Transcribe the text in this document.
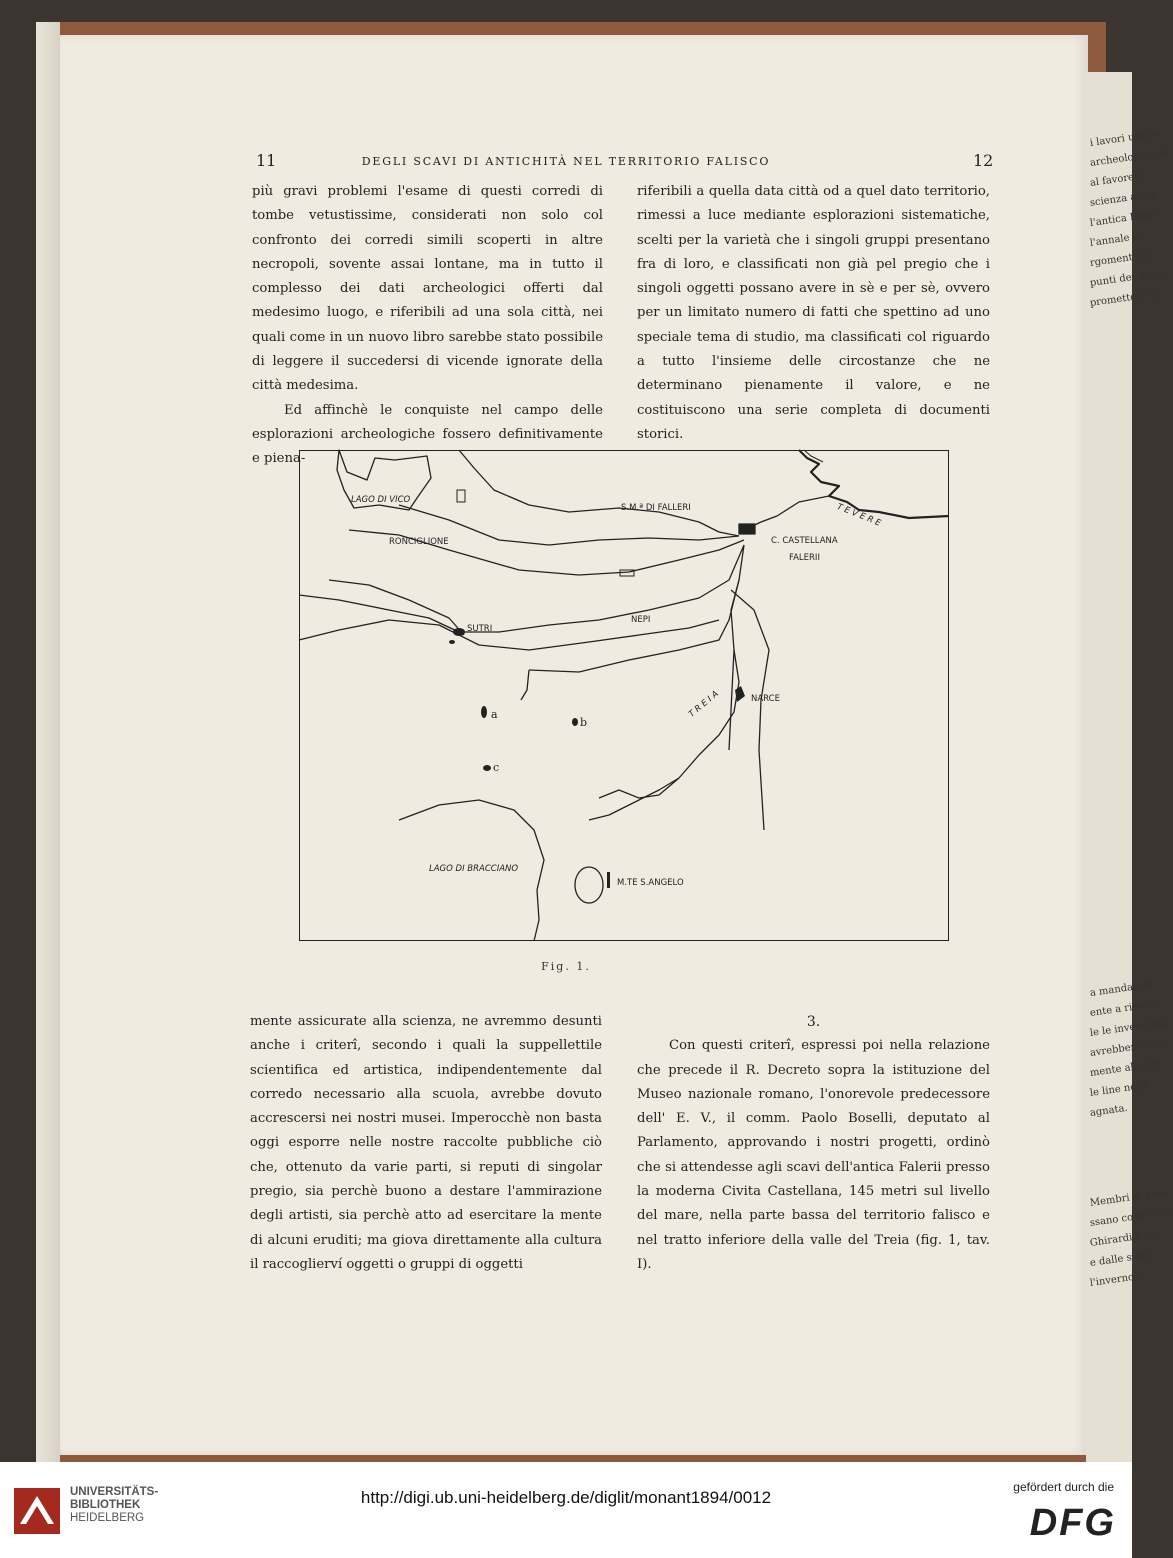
i lavori ufficia
archeologica, av
al favore di
scienza all' in
l'antica Faleri
l'annale Ci
rgomenta di
punti dei quali
prometto a dir
a mandati in
ente a ricerca
le le investigazi
avrebbero appo
mente alla top
le line nella
agnata.
Membri di esse
ssano come Ugo
Ghirardi il sig.
e dalle sue p
l'inverno c
11	DEGLI SCAVI DI ANTICHITÀ NEL TERRITORIO FALISCO	12

più gravi problemi l'esame di questi corredi di tombe vetustissime, considerati non solo col confronto dei corredi simili scoperti in altre necropoli, sovente assai lontane, ma in tutto il complesso dei dati archeologici offerti dal medesimo luogo, e riferibili ad una sola città, nei quali come in un nuovo libro sarebbe stato possibile di leggere il succedersi di vicende ignorate della città medesima.

Ed affinchè le conquiste nel campo delle esplorazioni archeologiche fossero definitivamente e piena-

riferibili a quella data città od a quel dato territorio, rimessi a luce mediante esplorazioni sistematiche, scelti per la varietà che i singoli gruppi presentano fra di loro, e classificati non già pel pregio che i singoli oggetti possano avere in sè e per sè, ovvero per un limitato numero di fatti che spettino ad uno speciale tema di studio, ma classificati col riguardo a tutto l'insieme delle circostanze che ne determinano pienamente il valore, e ne costituiscono una serie completa di documenti storici.

LAGO DI VICO
RONCIGLIONE
S.M.ª DI FALLERI	T E V E R E
C. CASTELLANA
FALERII
SUTRI
NEPI
T R E I A	NARCE
a
b
c
LAGO DI BRACCIANO
M.TE S.ANGELO
Fig. 1.

mente assicurate alla scienza, ne avremmo desunti anche i criterî, secondo i quali la suppellettile scientifica ed artistica, indipendentemente dal corredo necessario alla scuola, avrebbe dovuto accrescersi nei nostri musei. Imperocchè non basta oggi esporre nelle nostre raccolte pubbliche ciò che, ottenuto da varie parti, si reputi di singolar pregio, sia perchè buono a destare l'ammirazione degli artisti, sia perchè atto ad esercitare la mente di alcuni eruditi; ma giova direttamente alla cultura il raccoglierví oggetti o gruppi di oggetti

3.

Con questi criterî, espressi poi nella relazione che precede il R. Decreto sopra la istituzione del Museo nazionale romano, l'onorevole predecessore dell' E. V., il comm. Paolo Boselli, deputato al Parlamento, approvando i nostri progetti, ordinò che si attendesse agli scavi dell'antica Falerii presso la moderna Civita Castellana, 145 metri sul livello del mare, nella parte bassa del territorio falisco e nel tratto inferiore della valle del Treia (fig. 1, tav. I).

UNIVERSITÄTS-
BIBLIOTHEK
HEIDELBERG
http://digi.ub.uni-heidelberg.de/diglit/monant1894/0012
gefördert durch die
DFG
